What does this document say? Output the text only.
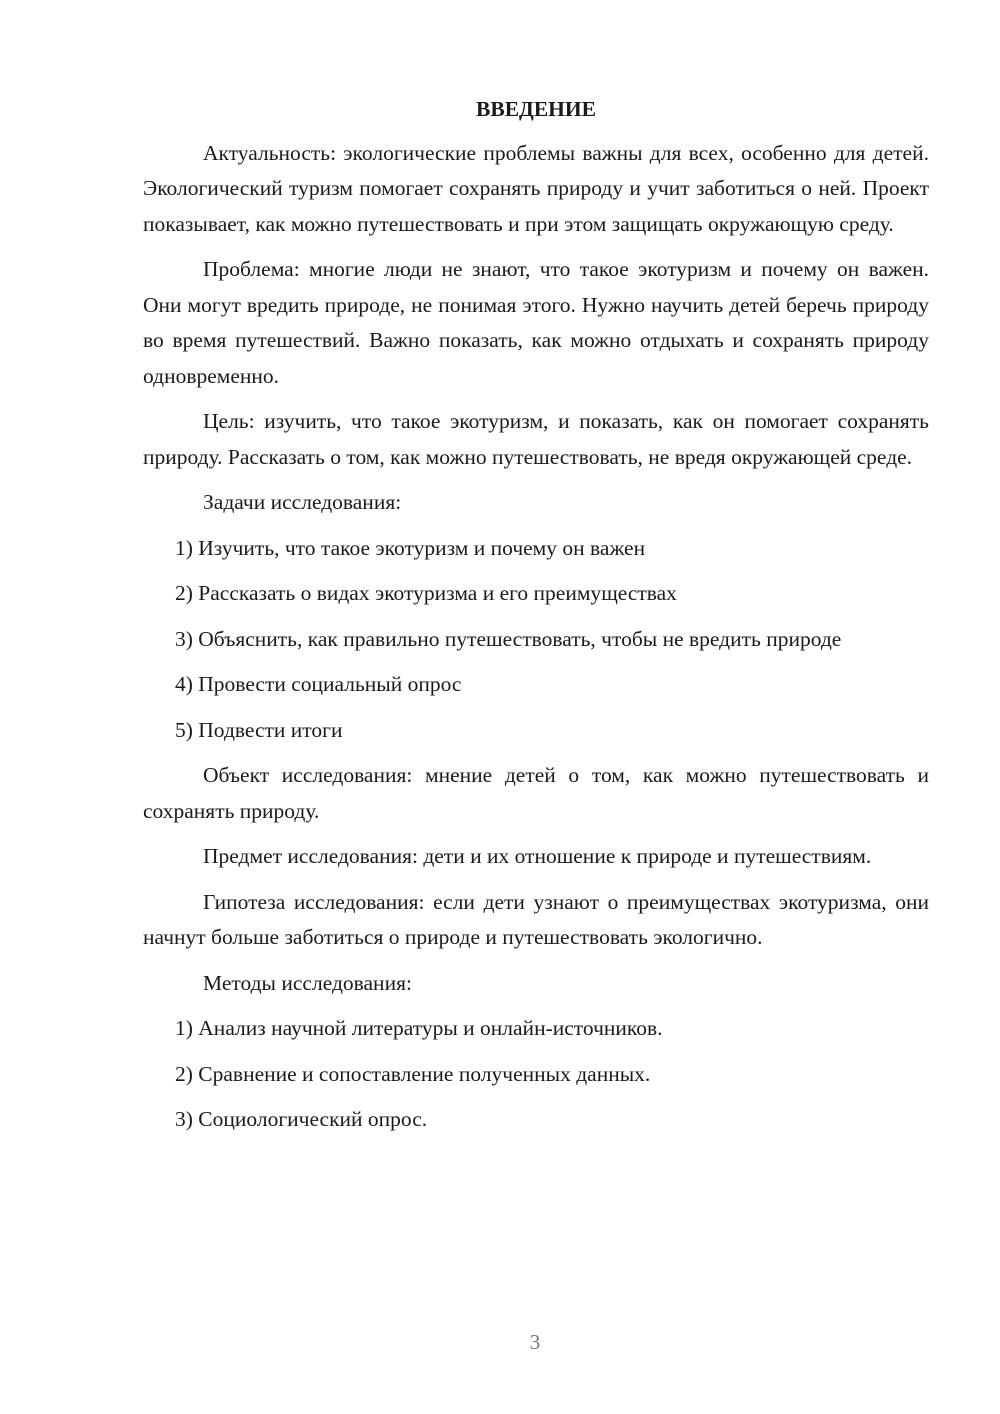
ВВЕДЕНИЕ

Актуальность: экологические проблемы важны для всех, особенно для детей. Экологический туризм помогает сохранять природу и учит заботиться о ней. Проект показывает, как можно путешествовать и при этом защищать окружающую среду.

Проблема: многие люди не знают, что такое экотуризм и почему он важен. Они могут вредить природе, не понимая этого. Нужно научить детей беречь природу во время путешествий. Важно показать, как можно отдыхать и сохранять природу одновременно.

Цель: изучить, что такое экотуризм, и показать, как он помогает сохранять природу. Рассказать о том, как можно путешествовать, не вредя окружающей среде.

Задачи исследования:

1) Изучить, что такое экотуризм и почему он важен

2) Рассказать о видах экотуризма и его преимуществах

3) Объяснить, как правильно путешествовать, чтобы не вредить природе

4) Провести социальный опрос

5) Подвести итоги

Объект исследования: мнение детей о том, как можно путешествовать и сохранять природу.

Предмет исследования: дети и их отношение к природе и путешествиям.

Гипотеза исследования: если дети узнают о преимуществах экотуризма, они начнут больше заботиться о природе и путешествовать экологично.

Методы исследования:

1) Анализ научной литературы и онлайн-источников.

2) Сравнение и сопоставление полученных данных.

3) Социологический опрос.

3
